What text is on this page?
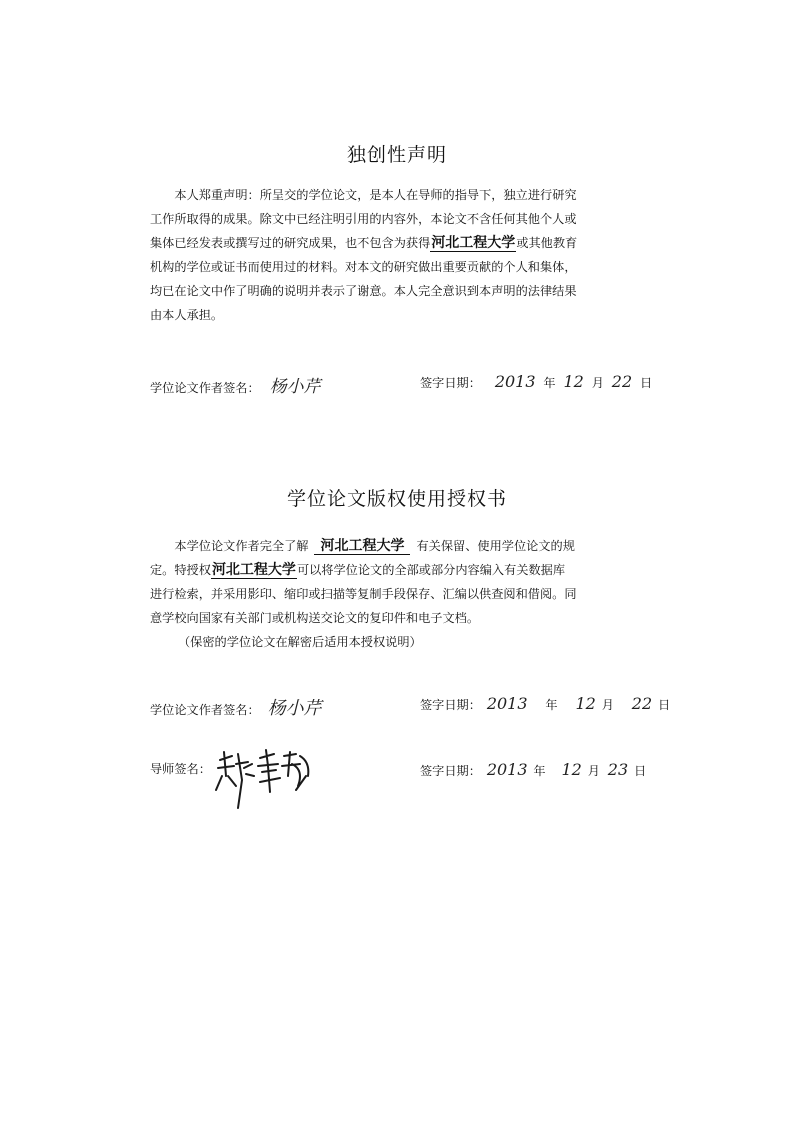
独创性声明

本人郑重声明：所呈交的学位论文，是本人在导师的指导下，独立进行研究

工作所取得的成果。除文中已经注明引用的内容外，本论文不含任何其他个人或

集体已经发表或撰写过的研究成果，也不包含为获得河北工程大学或其他教育

机构的学位或证书而使用过的材料。对本文的研究做出重要贡献的个人和集体，

均已在论文中作了明确的说明并表示了谢意。本人完全意识到本声明的法律结果

由本人承担。

学位论文作者签名： 杨小芹	签字日期： 2013 年 12 月 22 日
学位论文版权使用授权书

本学位论文作者完全了解 河北工程大学 有关保留、使用学位论文的规

定。特授权河北工程大学可以将学位论文的全部或部分内容编入有关数据库

进行检索，并采用影印、缩印或扫描等复制手段保存、汇编以供查阅和借阅。同

意学校向国家有关部门或机构送交论文的复印件和电子文档。

（保密的学位论文在解密后适用本授权说明）

学位论文作者签名： 杨小芹	签字日期： 2013 年 12 月 22 日
导师签名：	签字日期： 2013 年 12 月 23 日
